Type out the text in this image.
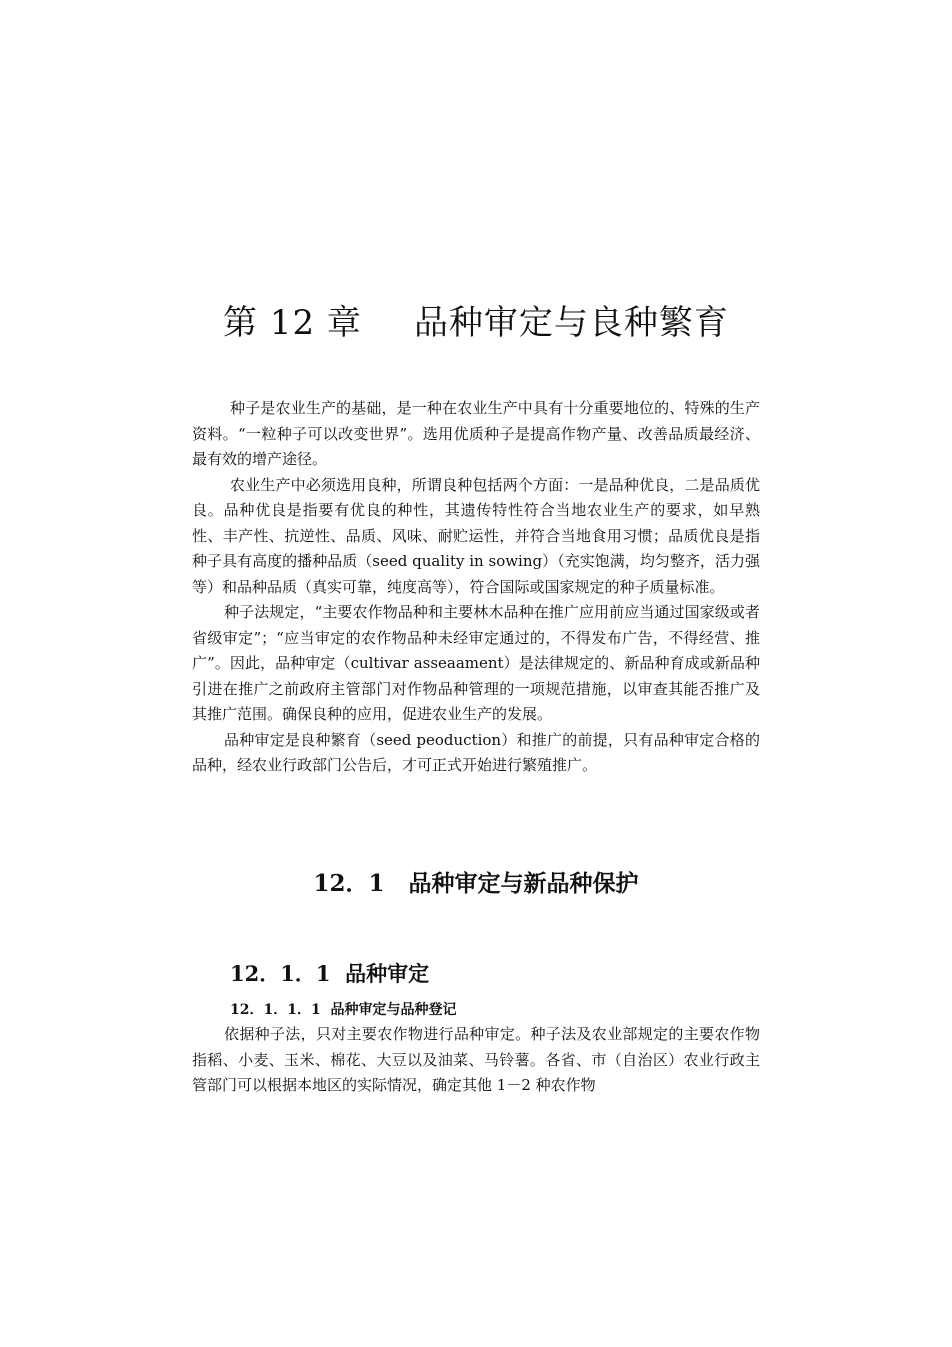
第 12 章 品种审定与良种繁育

种子是农业生产的基础，是一种在农业生产中具有十分重要地位的、特殊的生产资料。“一粒种子可以改变世界”。选用优质种子是提高作物产量、改善品质最经济、最有效的增产途径。

农业生产中必须选用良种，所谓良种包括两个方面：一是品种优良，二是品质优良。品种优良是指要有优良的种性，其遗传特性符合当地农业生产的要求，如早熟性、丰产性、抗逆性、品质、风味、耐贮运性，并符合当地食用习惯；品质优良是指种子具有高度的播种品质（seed quality in sowing）（充实饱满，均匀整齐，活力强等）和品种品质（真实可靠，纯度高等），符合国际或国家规定的种子质量标准。

种子法规定，“主要农作物品种和主要林木品种在推广应用前应当通过国家级或者省级审定”；“应当审定的农作物品种未经审定通过的，不得发布广告，不得经营、推广”。因此，品种审定（cultivar asseaament）是法律规定的、新品种育成或新品种引进在推广之前政府主管部门对作物品种管理的一项规范措施，以审查其能否推广及其推广范围。确保良种的应用，促进农业生产的发展。

品种审定是良种繁育（seed peoduction）和推广的前提，只有品种审定合格的品种，经农业行政部门公告后，才可正式开始进行繁殖推广。

12．1 品种审定与新品种保护
12．1．1 品种审定
12．1．1．1 品种审定与品种登记

依据种子法，只对主要农作物进行品种审定。种子法及农业部规定的主要农作物指稻、小麦、玉米、棉花、大豆以及油菜、马铃薯。各省、市（自治区）农业行政主管部门可以根据本地区的实际情况，确定其他 1－2 种农作物
